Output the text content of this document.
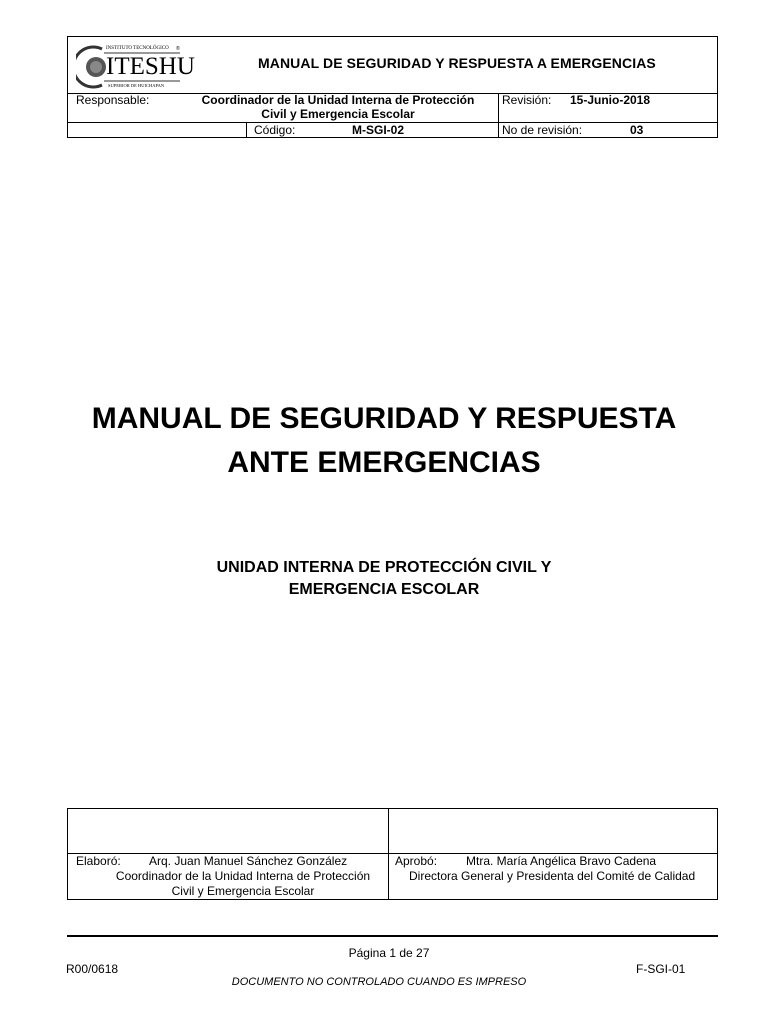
INSTITUTO TECNOLÓGICO
ITESHU
®
SUPERIOR DE HUICHAPAN
MANUAL DE SEGURIDAD Y RESPUESTA A EMERGENCIAS
Responsable:	Coordinador de la Unidad Interna de Protección
Civil y Emergencia Escolar
Revisión: 15-Junio-2018
Código:	M-SGI-02	No de revisión:	03
MANUAL DE SEGURIDAD Y RESPUESTA
ANTE EMERGENCIAS
UNIDAD INTERNA DE PROTECCIÓN CIVIL Y
EMERGENCIA ESCOLAR
Elaboró: Arq. Juan Manuel Sánchez González
Coordinador de la Unidad Interna de Protección
Civil y Emergencia Escolar
Aprobó: Mtra. María Angélica Bravo Cadena
Directora General y Presidenta del Comité de Calidad
Página 1 de 27
R00/0618	F-SGI-01
DOCUMENTO NO CONTROLADO CUANDO ES IMPRESO
